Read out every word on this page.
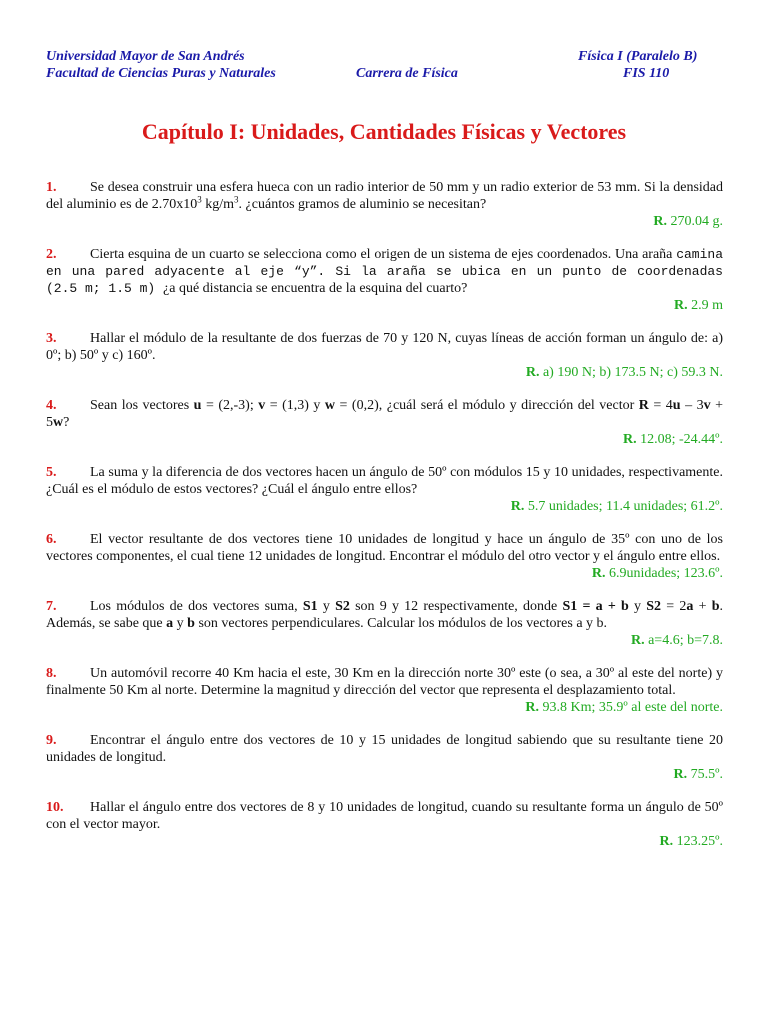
Universidad Mayor de San Andrés
Facultad de Ciencias Puras y Naturales	Carrera de Física
Física I (Paralelo B)
FIS 110
Capítulo I: Unidades, Cantidades Físicas y Vectores

1. Se desea construir una esfera hueca con un radio interior de 50 mm y un radio exterior de 53 mm. Si la densidad del aluminio es de $2.70x10^3$ $kg/m^3$. ¿cuántos gramos de aluminio se necesitan?

R. 270.04 g.

2. Cierta esquina de un cuarto se selecciona como el origen de un sistema de ejes coordenados. Una araña camina en una pared adyacente al eje “y”. Si la araña se ubica en un punto de coordenadas (2.5 m; 1.5 m) ¿a qué distancia se encuentra de la esquina del cuarto?

R. 2.9 m

3. Hallar el módulo de la resultante de dos fuerzas de 70 y 120 N, cuyas líneas de acción forman un ángulo de: a) 0º; b) 50º y c) 160º.

R. a) 190 N; b) 173.5 N; c) 59.3 N.

4. Sean los vectores u = (2,-3); v = (1,3) y w = (0,2), ¿cuál será el módulo y dirección del vector R = 4u – 3v + 5w?

R. 12.08; -24.44º.

5. La suma y la diferencia de dos vectores hacen un ángulo de 50º con módulos 15 y 10 unidades, respectivamente. ¿Cuál es el módulo de estos vectores? ¿Cuál el ángulo entre ellos?

R. 5.7 unidades; 11.4 unidades; 61.2º.

6. El vector resultante de dos vectores tiene 10 unidades de longitud y hace un ángulo de 35º con uno de los vectores componentes, el cual tiene 12 unidades de longitud. Encontrar el módulo del otro vector y el ángulo entre ellos.

R. 6.9unidades; 123.6º.

7. Los módulos de dos vectores suma, S1 y S2 son 9 y 12 respectivamente, donde S1 = a + b y S2 = 2a + b. Además, se sabe que a y b son vectores perpendiculares. Calcular los módulos de los vectores a y b.

R. a=4.6; b=7.8.

8. Un automóvil recorre 40 Km hacia el este, 30 Km en la dirección norte 30º este (o sea, a 30º al este del norte) y finalmente 50 Km al norte. Determine la magnitud y dirección del vector que representa el desplazamiento total.

R. 93.8 Km; 35.9º al este del norte.

9. Encontrar el ángulo entre dos vectores de 10 y 15 unidades de longitud sabiendo que su resultante tiene 20 unidades de longitud.

R. 75.5º.

10. Hallar el ángulo entre dos vectores de 8 y 10 unidades de longitud, cuando su resultante forma un ángulo de 50º con el vector mayor.

R. 123.25º.
